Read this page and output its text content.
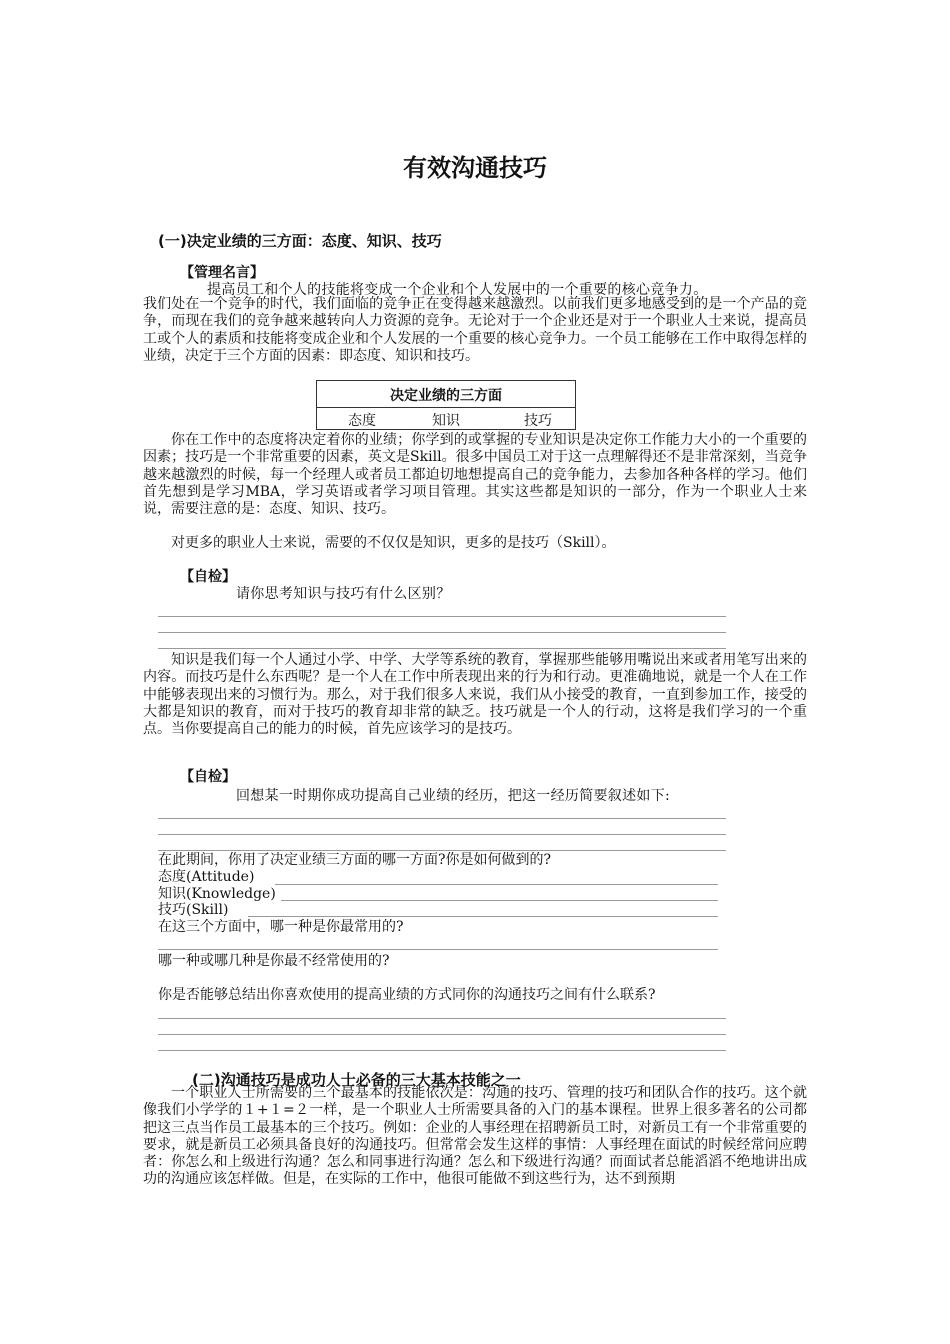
有效沟通技巧
(一)决定业绩的三方面：态度、知识、技巧
【管理名言】
提高员工和个人的技能将变成一个企业和个人发展中的一个重要的核心竞争力。
我们处在一个竞争的时代，我们面临的竞争正在变得越来越激烈。以前我们更多地感受到的是一个产品的竞争，而现在我们的竞争越来越转向人力资源的竞争。无论对于一个企业还是对于一个职业人士来说，提高员工或个人的素质和技能将变成企业和个人发展的一个重要的核心竞争力。一个员工能够在工作中取得怎样的业绩，决定于三个方面的因素：即态度、知识和技巧。
决定业绩的三方面
态度	知识	技巧
你在工作中的态度将决定着你的业绩；你学到的或掌握的专业知识是决定你工作能力大小的一个重要的因素；技巧是一个非常重要的因素，英文是Skill。很多中国员工对于这一点理解得还不是非常深刻，当竞争越来越激烈的时候，每一个经理人或者员工都迫切地想提高自己的竞争能力，去参加各种各样的学习。他们首先想到是学习MBA，学习英语或者学习项目管理。其实这些都是知识的一部分，作为一个职业人士来说，需要注意的是：态度、知识、技巧。
对更多的职业人士来说，需要的不仅仅是知识，更多的是技巧（Skill）。
【自检】
请你思考知识与技巧有什么区别？
知识是我们每一个人通过小学、中学、大学等系统的教育，掌握那些能够用嘴说出来或者用笔写出来的内容。而技巧是什么东西呢？是一个人在工作中所表现出来的行为和行动。更准确地说，就是一个人在工作中能够表现出来的习惯行为。那么，对于我们很多人来说，我们从小接受的教育，一直到参加工作，接受的大都是知识的教育，而对于技巧的教育却非常的缺乏。技巧就是一个人的行动，这将是我们学习的一个重点。当你要提高自己的能力的时候，首先应该学习的是技巧。
【自检】
回想某一时期你成功提高自己业绩的经历，把这一经历简要叙述如下:
在此期间，你用了决定业绩三方面的哪一方面?你是如何做到的?
态度(Attitude)
知识(Knowledge)
技巧(Skill)
在这三个方面中，哪一种是你最常用的?
哪一种或哪几种是你最不经常使用的?
你是否能够总结出你喜欢使用的提高业绩的方式同你的沟通技巧之间有什么联系?
(二)沟通技巧是成功人士必备的三大基本技能之一
一个职业人士所需要的三个最基本的技能依次是：沟通的技巧、管理的技巧和团队合作的技巧。这个就像我们小学学的１+１=２一样，是一个职业人士所需要具备的入门的基本课程。世界上很多著名的公司都把这三点当作员工最基本的三个技巧。例如：企业的人事经理在招聘新员工时，对新员工有一个非常重要的要求，就是新员工必须具备良好的沟通技巧。但常常会发生这样的事情：人事经理在面试的时候经常问应聘者：你怎么和上级进行沟通？怎么和同事进行沟通？怎么和下级进行沟通？而面试者总能滔滔不绝地讲出成功的沟通应该怎样做。但是，在实际的工作中，他很可能做不到这些行为，达不到预期
